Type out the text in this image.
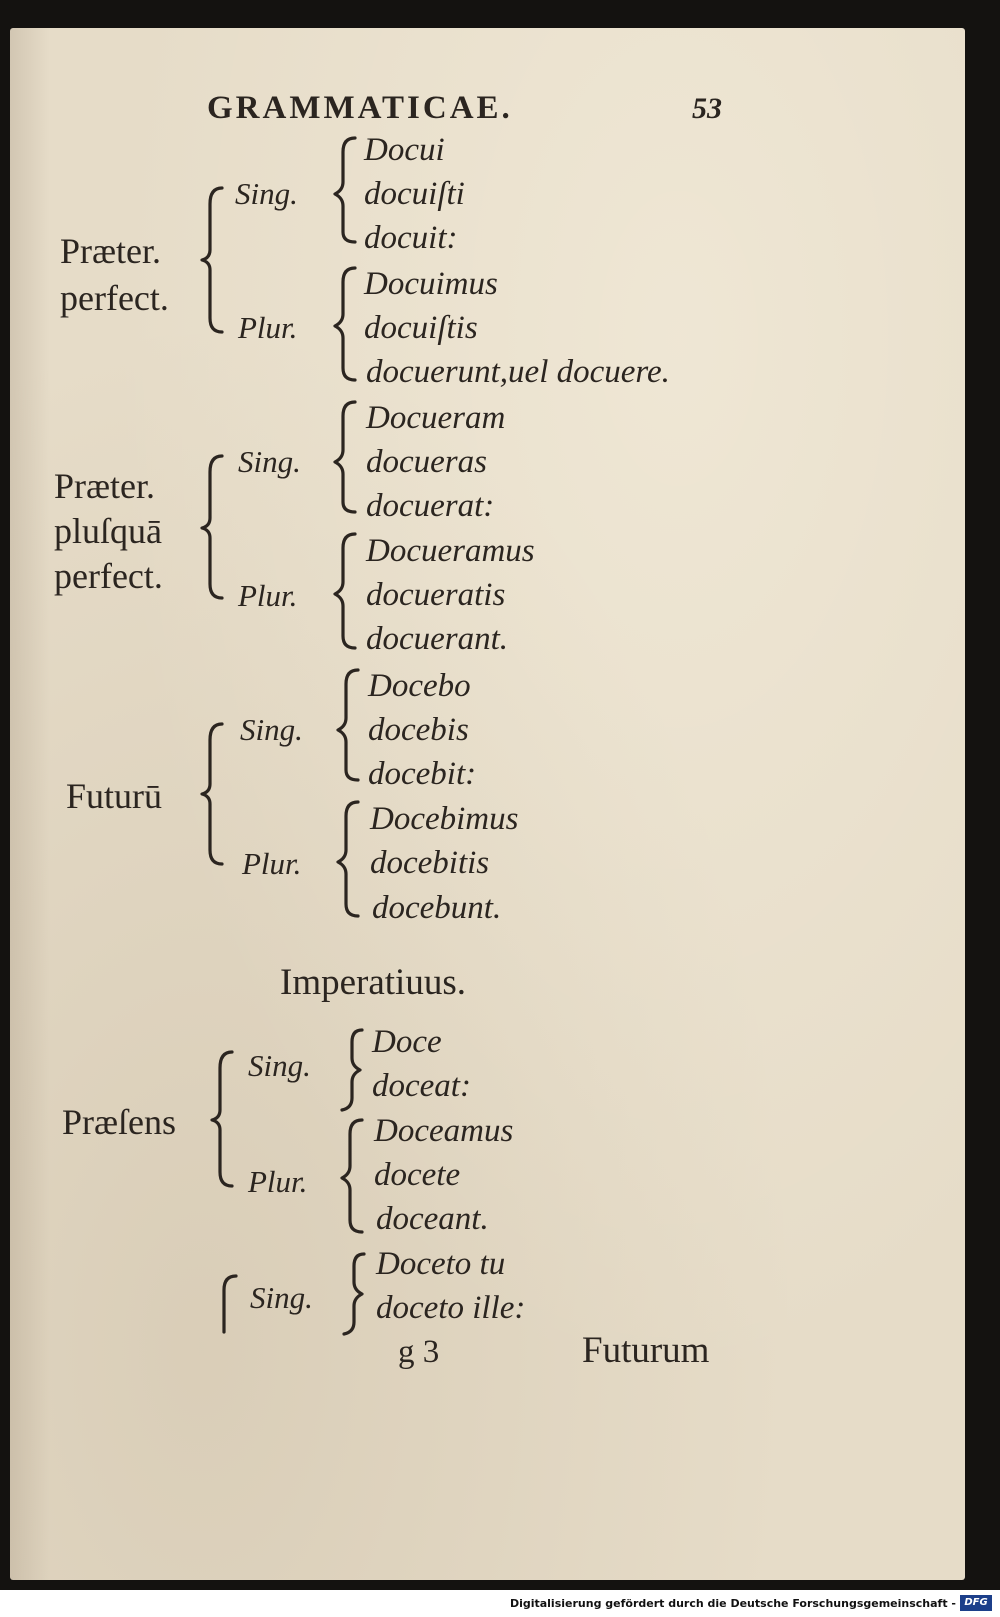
GRAMMATICAE.	53
Præter.
perfect.
Sing.
Plur.
Docui
docuiſti
docuit:
Docuimus
docuiſtis
docuerunt,uel docuere.
Præter.
pluſquā
perfect.
Sing.
Plur.
Docueram
docueras
docuerat:
Docueramus
docueratis
docuerant.
Futurū
Sing.
Plur.
Docebo
docebis
docebit:
Docebimus
docebitis
docebunt.
Imperatiuus.
Præſens
Sing.
Plur.
Doce
doceat:
Doceamus
docete
doceant.
Sing.
Doceto tu
doceto ille:
g 3	Futurum
Digitalisierung gefördert durch die Deutsche Forschungsgemeinschaft - DFG
